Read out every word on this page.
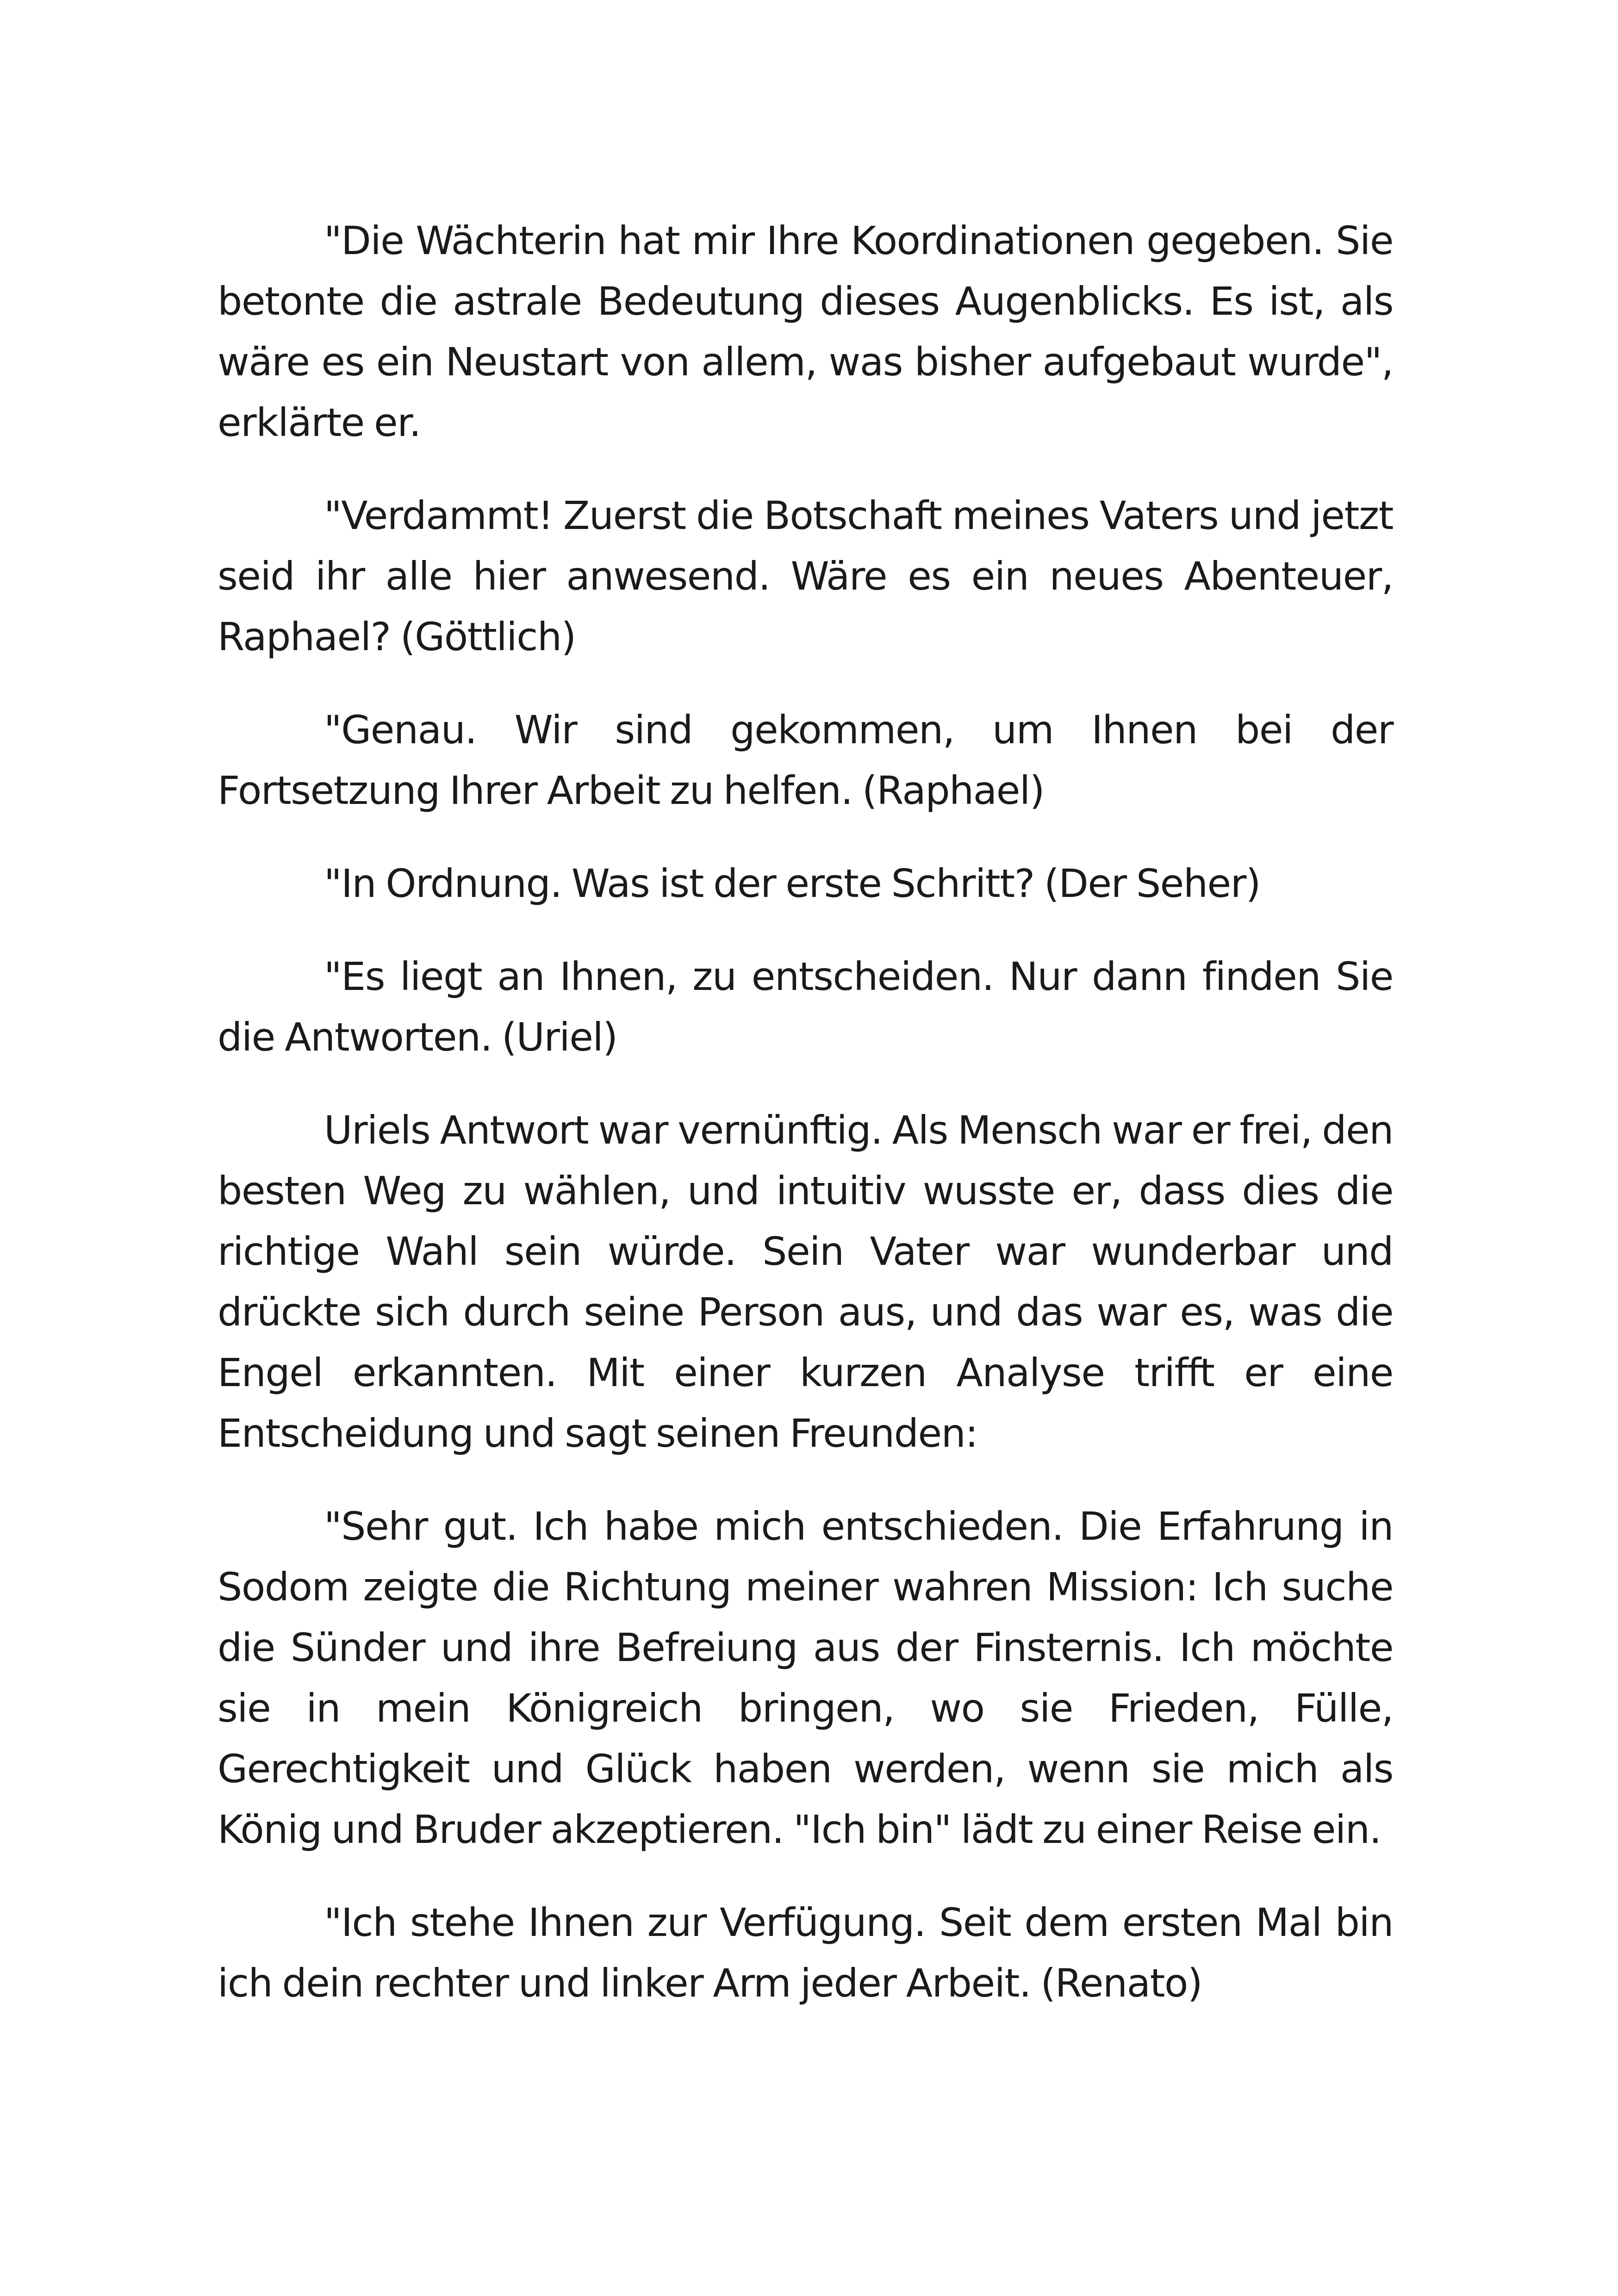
"Die Wächterin hat mir Ihre Koordinationen gegeben. Sie betonte die astrale Bedeutung dieses Augenblicks. Es ist, als wäre es ein Neustart von allem, was bisher aufgebaut wurde", erklärte er.

"Verdammt! Zuerst die Botschaft meines Vaters und jetzt seid ihr alle hier anwesend. Wäre es ein neues Abenteuer, Raphael? (Göttlich)

"Genau. Wir sind gekommen, um Ihnen bei der Fortsetzung Ihrer Arbeit zu helfen. (Raphael)

"In Ordnung. Was ist der erste Schritt? (Der Seher)

"Es liegt an Ihnen, zu entscheiden. Nur dann finden Sie die Antworten. (Uriel)

Uriels Antwort war vernünftig. Als Mensch war er frei, den besten Weg zu wählen, und intuitiv wusste er, dass dies die richtige Wahl sein würde. Sein Vater war wunderbar und drückte sich durch seine Person aus, und das war es, was die Engel erkannten. Mit einer kurzen Analyse trifft er eine Entscheidung und sagt seinen Freunden:

"Sehr gut. Ich habe mich entschieden. Die Erfahrung in Sodom zeigte die Richtung meiner wahren Mission: Ich suche die Sünder und ihre Befreiung aus der Finsternis. Ich möchte sie in mein Königreich bringen, wo sie Frieden, Fülle, Gerechtigkeit und Glück haben werden, wenn sie mich als König und Bruder akzeptieren. "Ich bin" lädt zu einer Reise ein.

"Ich stehe Ihnen zur Verfügung. Seit dem ersten Mal bin ich dein rechter und linker Arm jeder Arbeit. (Renato)
